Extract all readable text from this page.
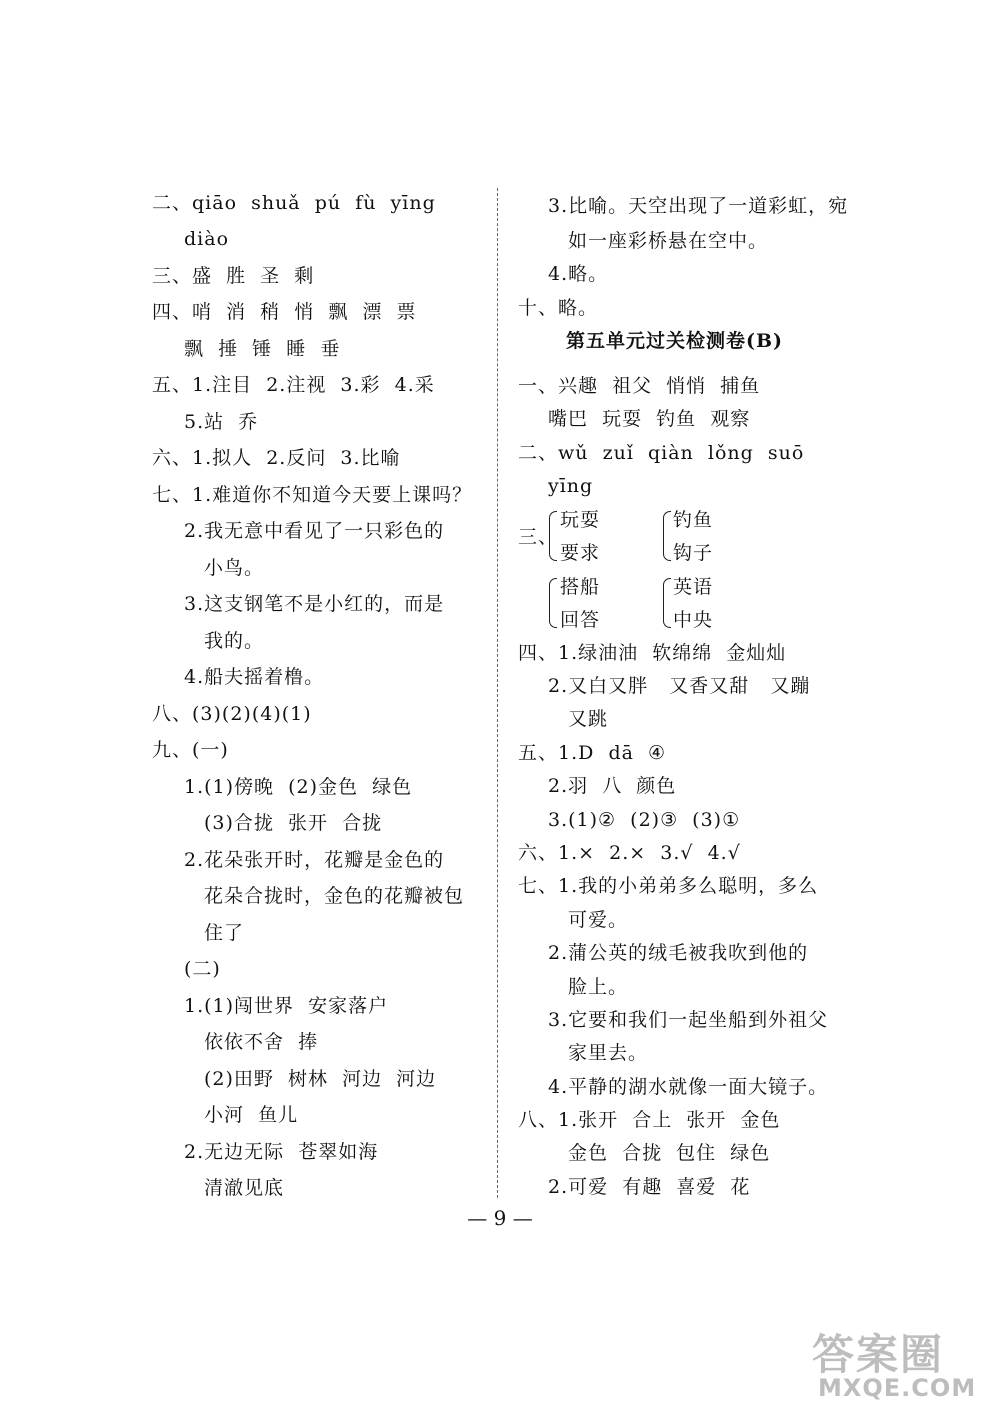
二、qiāo  shuǎ  pú  fù  yīng
diào
三、盛  胜  圣  剩
四、哨  消  稍  悄  飘  漂  票
飘  捶  锤  睡  垂
五、1.注目  2.注视  3.彩  4.采
5.站  乔
六、1.拟人  2.反问  3.比喻
七、1.难道你不知道今天要上课吗？
2.我无意中看见了一只彩色的
小鸟。
3.这支钢笔不是小红的，而是
我的。
4.船夫摇着橹。
八、(3)(2)(4)(1)
九、(一)
1.(1)傍晚  (2)金色  绿色
(3)合拢  张开  合拢
2.花朵张开时，花瓣是金色的
花朵合拢时，金色的花瓣被包
住了
(二)
1.(1)闯世界  安家落户
依依不舍  捧
(2)田野  树林  河边  河边
小河  鱼儿
2.无边无际  苍翠如海
清澈见底
3.比喻。天空出现了一道彩虹，宛
如一座彩桥悬在空中。
4.略。
十、略。
第五单元过关检测卷(B)
一、兴趣  祖父  悄悄  捕鱼
嘴巴  玩耍  钓鱼  观察
二、wǔ  zuǐ  qiàn  lǒng  suō
yīng
三、
玩耍
要求
钓鱼
钩子
搭船
回答
英语
中央
四、1.绿油油  软绵绵  金灿灿
2.又白又胖   又香又甜   又蹦
又跳
五、1.D  dā  ④
2.羽  八  颜色
3.(1)②  (2)③  (3)①
六、1.×  2.×  3.√  4.√
七、1.我的小弟弟多么聪明，多么
可爱。
2.蒲公英的绒毛被我吹到他的
脸上。
3.它要和我们一起坐船到外祖父
家里去。
4.平静的湖水就像一面大镜子。
八、1.张开  合上  张开  金色
金色  合拢  包住  绿色
2.可爱  有趣  喜爱  花
— 9 —
答案圈
MXQE.COM
